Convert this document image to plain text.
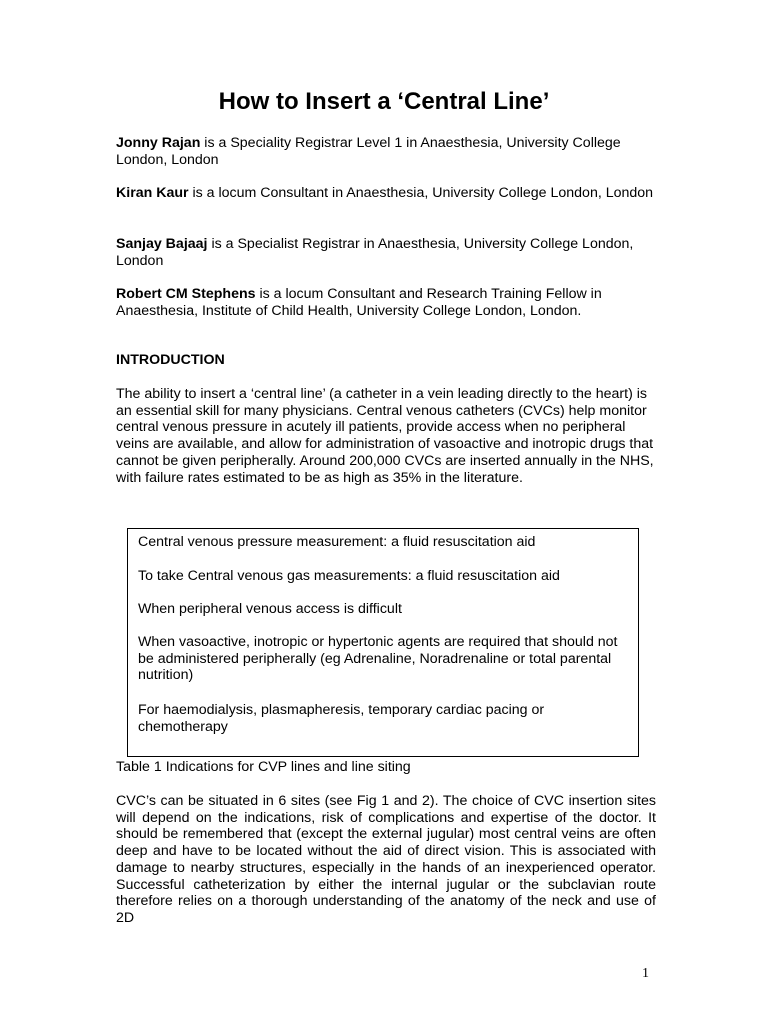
How to Insert a ‘Central Line’

Jonny Rajan is a Speciality Registrar Level 1 in Anaesthesia, University College London, London

Kiran Kaur is a locum Consultant in Anaesthesia, University College London, London

Sanjay Bajaaj is a Specialist Registrar in Anaesthesia, University College London, London

Robert CM Stephens is a locum Consultant and Research Training Fellow in Anaesthesia, Institute of Child Health, University College London, London.

INTRODUCTION

The ability to insert a ‘central line’ (a catheter in a vein leading directly to the heart) is an essential skill for many physicians. Central venous catheters (CVCs) help monitor central venous pressure in acutely ill patients, provide access when no peripheral veins are available, and allow for administration of vasoactive and inotropic drugs that cannot be given peripherally. Around 200,000 CVCs are inserted annually in the NHS, with failure rates estimated to be as high as 35% in the literature.

Central venous pressure measurement: a fluid resuscitation aid

To take Central venous gas measurements: a fluid resuscitation aid

When peripheral venous access is difficult

When vasoactive, inotropic or hypertonic agents are required that should not be administered peripherally (eg Adrenaline, Noradrenaline or total parental nutrition)

For haemodialysis, plasmapheresis, temporary cardiac pacing or chemotherapy

Table 1 Indications for CVP lines and line siting

CVC’s can be situated in 6 sites (see Fig 1 and 2). The choice of CVC insertion sites will depend on the indications, risk of complications and expertise of the doctor. It should be remembered that (except the external jugular) most central veins are often deep and have to be located without the aid of direct vision. This is associated with damage to nearby structures, especially in the hands of an inexperienced operator. Successful catheterization by either the internal jugular or the subclavian route therefore relies on a thorough understanding of the anatomy of the neck and use of 2D

1
